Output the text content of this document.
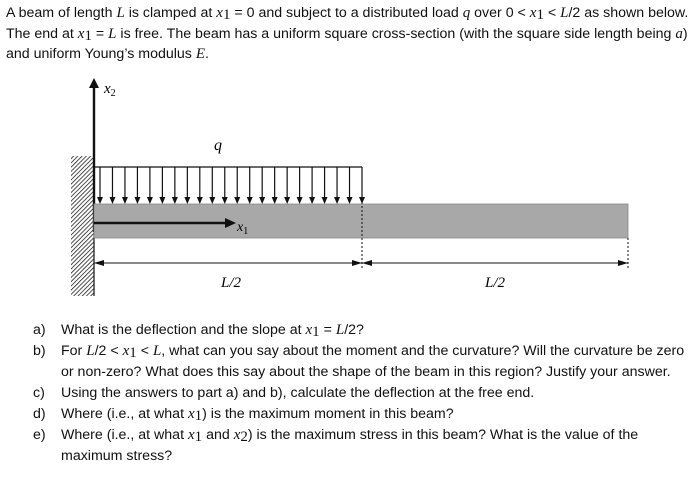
A beam of length L is clamped at $x_1 = 0$ and subject to a distributed load q over $0 < x_1 < L/2$ as shown below. The end at $x_1 = L$ is free. The beam has a uniform square cross-section (with the square side length being a) and uniform Young’s modulus E.

$x_2$
$x_1$
q
L/2	L/2
a) What is the deflection and the slope at $x_1 = L/2$?
b) For $L/2 < x_1 < L$, what can you say about the moment and the curvature? Will the curvature be zero or non-zero? What does this say about the shape of the beam in this region? Justify your answer.
c) Using the answers to part a) and b), calculate the deflection at the free end.
d) Where (i.e., at what $x_1$) is the maximum moment in this beam?
e) Where (i.e., at what $x_1$ and $x_2$) is the maximum stress in this beam? What is the value of the maximum stress?
